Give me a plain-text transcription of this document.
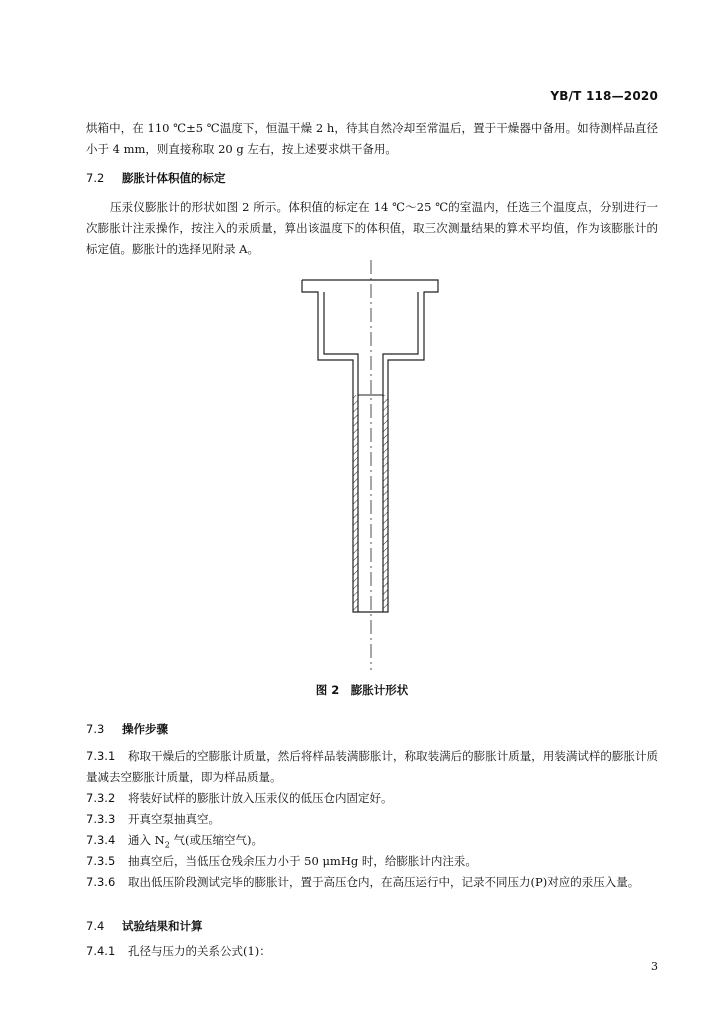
YB/T 118—2020

烘箱中，在 110 ℃±5 ℃温度下，恒温干燥 2 h，待其自然冷却至常温后，置于干燥器中备用。如待测样品直径小于 4 mm，则直接称取 20 g 左右，按上述要求烘干备用。

7.2 膨胀计体积值的标定

压汞仪膨胀计的形状如图 2 所示。体积值的标定在 14 ℃～25 ℃的室温内，任选三个温度点，分别进行一次膨胀计注汞操作，按注入的汞质量，算出该温度下的体积值，取三次测量结果的算术平均值，作为该膨胀计的标定值。膨胀计的选择见附录 A。

图 2　膨胀计形状
7.3 操作步骤

7.3.1 称取干燥后的空膨胀计质量，然后将样品装满膨胀计，称取装满后的膨胀计质量，用装满试样的膨胀计质量减去空膨胀计质量，即为样品质量。

7.3.2 将装好试样的膨胀计放入压汞仪的低压仓内固定好。

7.3.3 开真空泵抽真空。

7.3.4 通入 $N_2$ 气(或压缩空气)。

7.3.5 抽真空后，当低压仓残余压力小于 50 μmHg 时，给膨胀计内注汞。

7.3.6 取出低压阶段测试完毕的膨胀计，置于高压仓内，在高压运行中，记录不同压力(P)对应的汞压入量。

7.4 试验结果和计算

7.4.1 孔径与压力的关系公式(1)：

3
